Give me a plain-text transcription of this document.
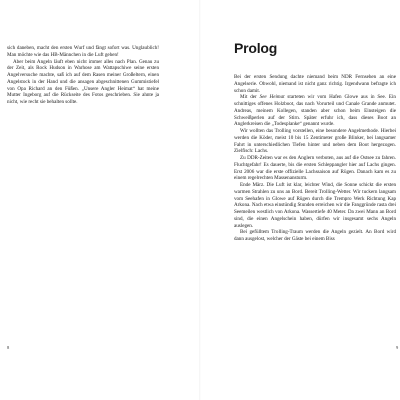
sich daneben, macht den ersten Wurf und fängt sofort was. Unglaublich! Man möchte wie das HB-Männchen in die Luft gehen!

Aber beim Angeln läuft eben nicht immer alles nach Plan. Genau zu der Zeit, als Rock Hudson in Warhose am Wattapschiwe seine ersten Angelversuche machte, saß ich auf dem Rasen meiner Großeltern, einen Angelstock in der Hand und die ansagen abgeschnittenen Gummistiefel von Opa Richard an den Füßen. „Unsere Angler Heimat“ hat meine Mutter Ingeborg auf die Rückseite des Fotos geschrieben. Sie ahnte ja nicht, wie recht sie behalten sollte.

8
Prolog

Bei der ersten Sendung dachte niemand beim NDR Fernsehen an eine Angelserie. Obwohl, niemand ist nicht ganz richtig. Irgendwann befragte ich schon damit.

Mit der See Heimat starteten wir vom Hafen Glowe aus in See. Ein schnittiges offenes Holzboot, das nach Vorurteil und Canale Grande anmutet. Andreas, meinem Kollegen, standen aber schon beim Einsteigen die Schweißperlen auf der Stirn. Später erfuhr ich, dass dieses Boot an Anglerkreisen die „Todesplanke“ genannt wurde.

Wir wollten das Trolling vorstellen, eine besondere Angelmethode. Hierbei werden die Köder, meist 10 bis 15 Zentimeter große Blinker, bei langsamer Fahrt in unterschiedlichen Tiefen hinter und neben dem Boot hergezogen. Zielfisch: Lachs.

Zu DDR-Zeiten war es den Anglern verboten, aus auf die Ostsee zu fahren. Fluchtgefahr! Es dauerte, bis die ersten Schleppangler hier auf Lachs gingen. Erst 2006 war die erste offizielle Lachssaison auf Rügen. Danach kam es zu einem regelrechten Massenansturm.

Ende März. Die Luft ist klar, leichter Wind, die Sonne schickt die ersten warmen Strahlen zu uns an Bord. Bereit Trolling-Wetter. Wir tuckern langsam vom Seehafen in Glowe auf Rügen durch die Trempro Werk Richtung Kap Arkona. Nach etwa einstündig Stunden erreichen wir die Fanggründe rasta drei Seemeilen westlich von Arkona. Wassertiefe 40 Meter. Da zwei Mann an Bord sind, die einen Angelschein haben, dürfen wir insgesamt sechs Angeln auslegen.

Bei gefülltem Trolling-Traum werden die Angeln gezielt. An Bord wird dann ausgelost, welcher der Gäste bei einem Biss

9
